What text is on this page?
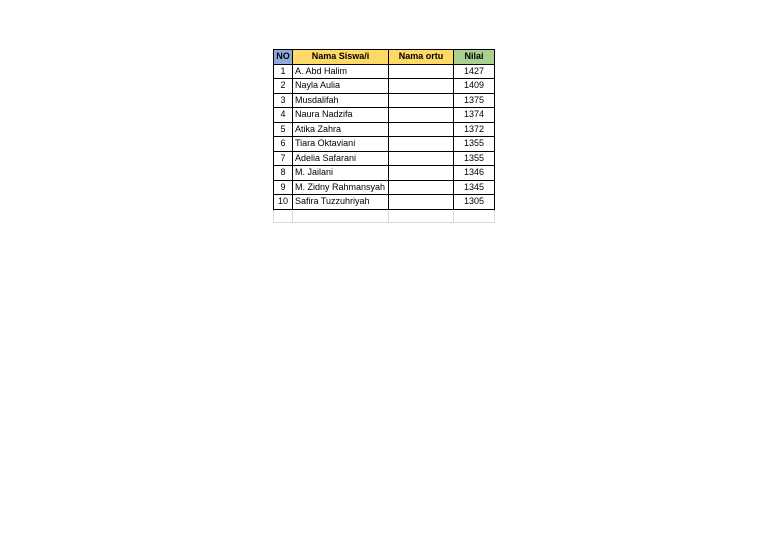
NO	Nama Siswa/i	Nama ortu	Nilai
1	A. Abd Halim		1427
2	Nayla Aulia		1409
3	Musdalifah		1375
4	Naura Nadzifa		1374
5	Atika Zahra		1372
6	Tiara Oktaviani		1355
7	Adelia Safarani		1355
8	M. Jailani		1346
9	M. Zidny Rahmansyah		1345
10	Safira Tuzzuhriyah		1305
